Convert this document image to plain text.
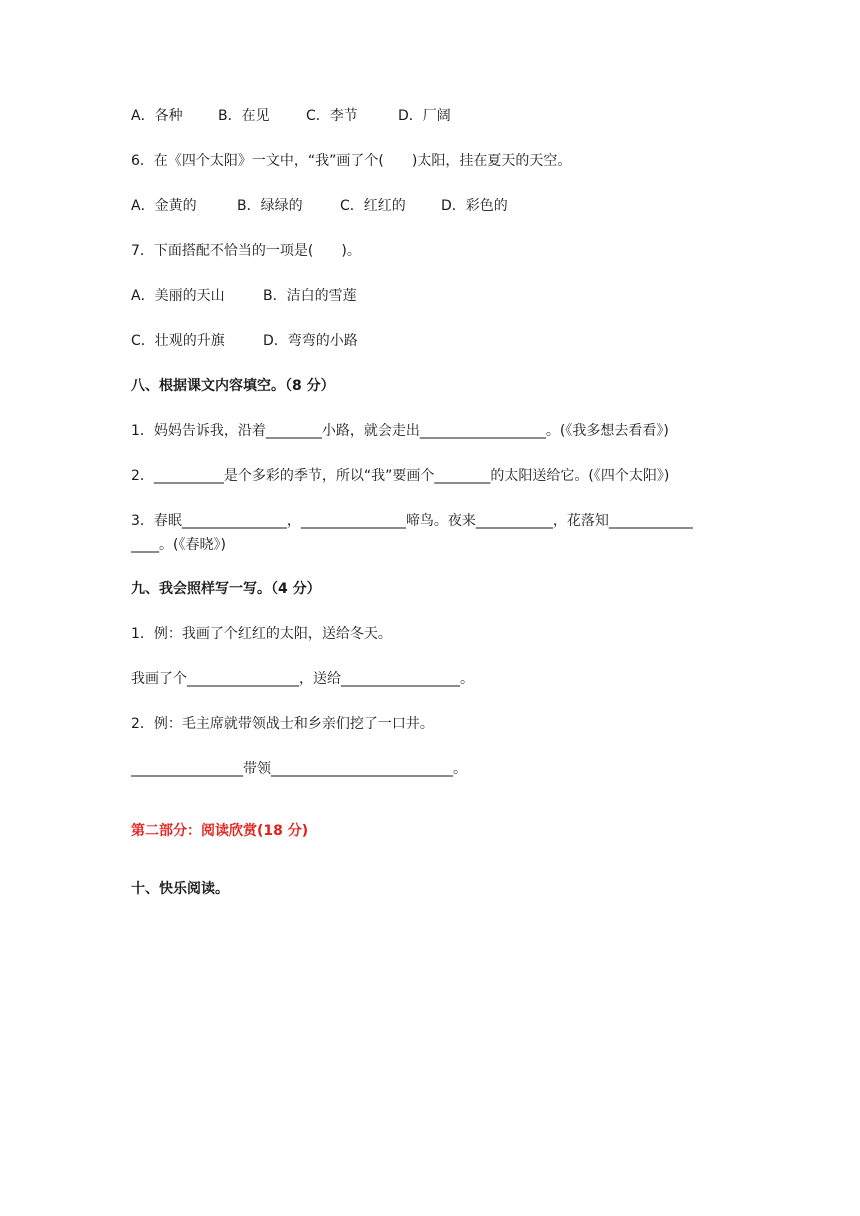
A．各种	B．在见	C．李节	D．厂阔
6．在《四个太阳》一文中，“我”画了个(　　)太阳，挂在夏天的天空。
A．金黄的	B．绿绿的	C．红红的	D．彩色的
7．下面搭配不恰当的一项是(　　)。
A．美丽的天山	B．洁白的雪莲
C．壮观的升旗	D．弯弯的小路
八、根据课文内容填空。（8 分）
1．妈妈告诉我，沿着________小路，就会走出__________________。(《我多想去看看》)
2．__________是个多彩的季节，所以“我”要画个________的太阳送给它。(《四个太阳》)
3．春眠_______________，_______________啼鸟。夜来___________，花落知____________
____。(《春晓》)
九、我会照样写一写。（4 分）
1．例：我画了个红红的太阳，送给冬天。
我画了个________________，送给_________________。
2．例：毛主席就带领战士和乡亲们挖了一口井。
________________带领__________________________。
第二部分：阅读欣赏(18 分)
十、快乐阅读。
